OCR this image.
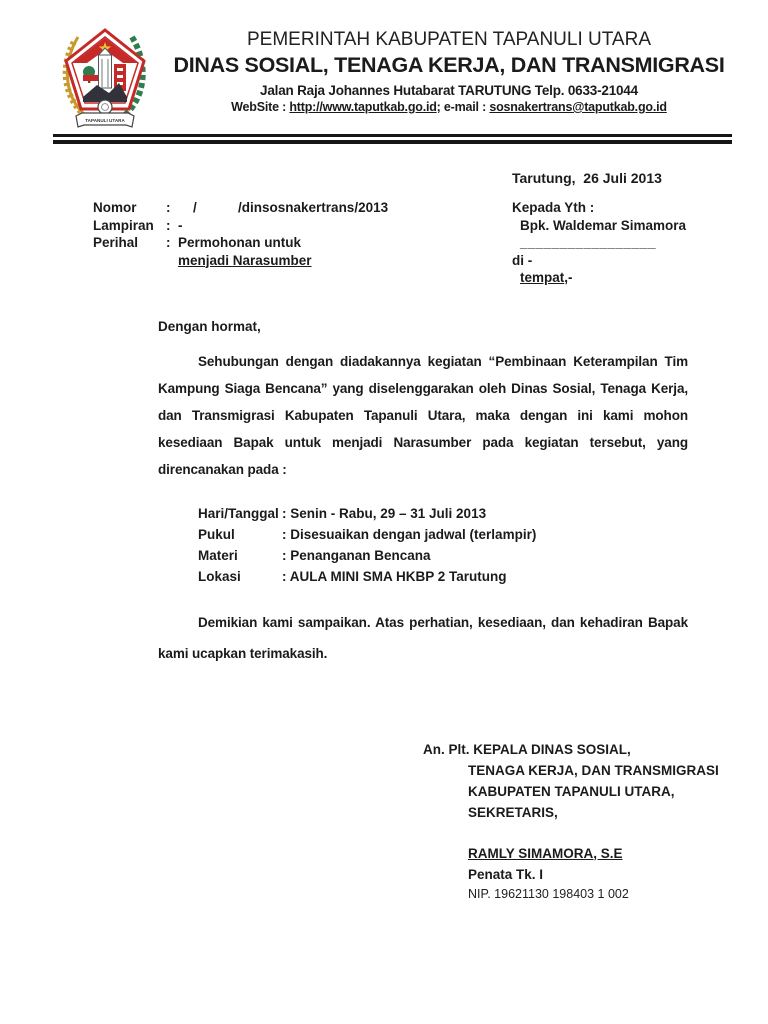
TAPANULI UTARA
PEMERINTAH KABUPATEN TAPANULI UTARA
DINAS SOSIAL, TENAGA KERJA, DAN TRANSMIGRASI
Jalan Raja Johannes Hutabarat TARUTUNG Telp. 0633-21044
WebSite : http://www.taputkab.go.id; e-mail : sosnakertrans@taputkab.go.id
Tarutung,  26 Juli 2013
Nomor	: /           /dinsosnakertrans/2013
Lampiran : -
Perihal	: Permohonan untuk
menjadi Narasumber
Kepada Yth :
Bpk. Waldemar Simamora
_________________
di -
tempat,-
Dengan hormat,

Sehubungan dengan diadakannya kegiatan “Pembinaan Keterampilan Tim Kampung Siaga Bencana” yang diselenggarakan oleh Dinas Sosial, Tenaga Kerja, dan Transmigrasi Kabupaten Tapanuli Utara, maka dengan ini kami mohon kesediaan Bapak untuk menjadi Narasumber pada kegiatan tersebut, yang direncanakan pada :

Hari/Tanggal : Senin - Rabu, 29 – 31 Juli 2013
Pukul	: Disesuaikan dengan jadwal (terlampir)
Materi	: Penanganan Bencana
Lokasi	: AULA MINI SMA HKBP 2 Tarutung

Demikian kami sampaikan. Atas perhatian, kesediaan, dan kehadiran Bapak kami ucapkan terimakasih.

An. Plt. KEPALA DINAS SOSIAL,
TENAGA KERJA, DAN TRANSMIGRASI
KABUPATEN TAPANULI UTARA,
SEKRETARIS,
RAMLY SIMAMORA, S.E
Penata Tk. I
NIP. 19621130 198403 1 002
